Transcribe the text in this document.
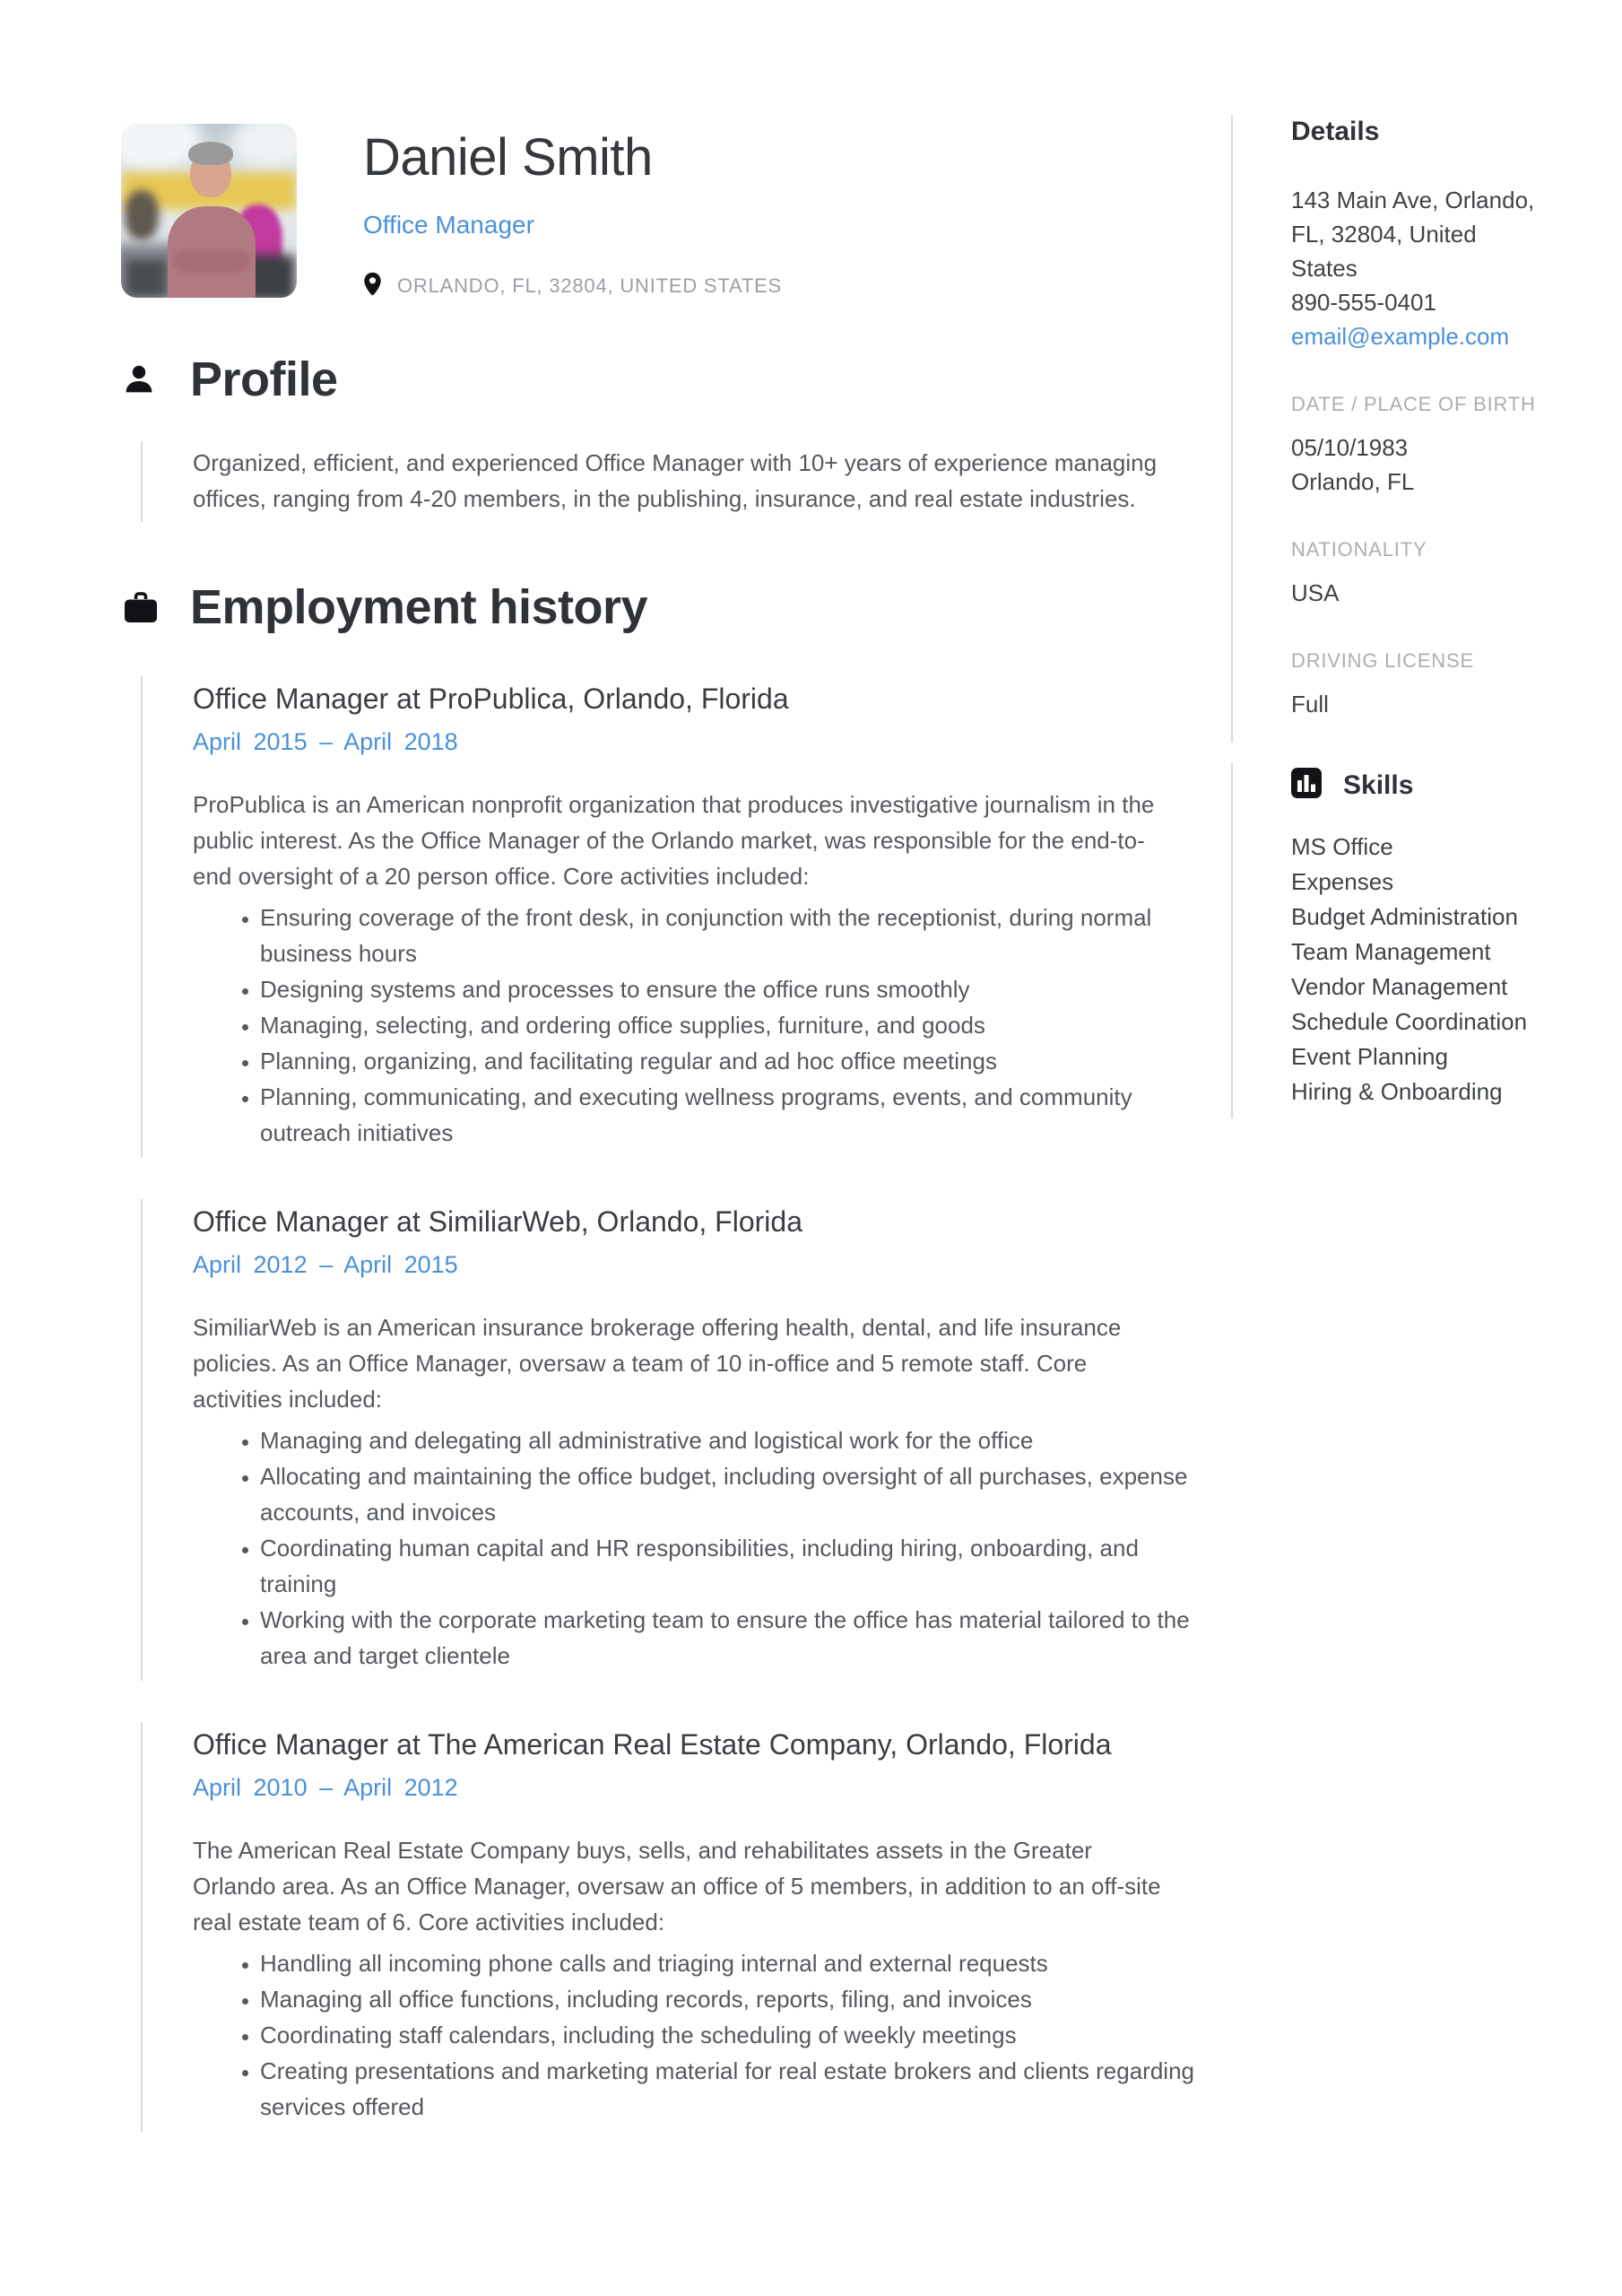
Daniel Smith
Office Manager
ORLANDO, FL, 32804, UNITED STATES
Profile
Organized, efficient, and experienced Office Manager with 10+ years of experience managing offices, ranging from 4-20 members, in the publishing, insurance, and real estate industries.
Employment history
Office Manager at ProPublica, Orlando, Florida
April 2015 – April 2018
ProPublica is an American nonprofit organization that produces investigative journalism in the public interest. As the Office Manager of the Orlando market, was responsible for the end-to-end oversight of a 20 person office. Core activities included:
• Ensuring coverage of the front desk, in conjunction with the receptionist, during normal business hours
• Designing systems and processes to ensure the office runs smoothly
• Managing, selecting, and ordering office supplies, furniture, and goods
• Planning, organizing, and facilitating regular and ad hoc office meetings
• Planning, communicating, and executing wellness programs, events, and community outreach initiatives
Office Manager at SimiliarWeb, Orlando, Florida
April 2012 – April 2015
SimiliarWeb is an American insurance brokerage offering health, dental, and life insurance policies. As an Office Manager, oversaw a team of 10 in-office and 5 remote staff. Core activities included:
• Managing and delegating all administrative and logistical work for the office
• Allocating and maintaining the office budget, including oversight of all purchases, expense accounts, and invoices
• Coordinating human capital and HR responsibilities, including hiring, onboarding, and training
• Working with the corporate marketing team to ensure the office has material tailored to the area and target clientele
Office Manager at The American Real Estate Company, Orlando, Florida
April 2010 – April 2012
The American Real Estate Company buys, sells, and rehabilitates assets in the Greater Orlando area. As an Office Manager, oversaw an office of 5 members, in addition to an off-site real estate team of 6. Core activities included:
• Handling all incoming phone calls and triaging internal and external requests
• Managing all office functions, including records, reports, filing, and invoices
• Coordinating staff calendars, including the scheduling of weekly meetings
• Creating presentations and marketing material for real estate brokers and clients regarding services offered
Details
143 Main Ave, Orlando, FL, 32804, United States
890-555-0401
email@example.com
DATE / PLACE OF BIRTH
05/10/1983
Orlando, FL
NATIONALITY
USA
DRIVING LICENSE
Full
Skills
MS Office
Expenses
Budget Administration
Team Management
Vendor Management
Schedule Coordination
Event Planning
Hiring & Onboarding
